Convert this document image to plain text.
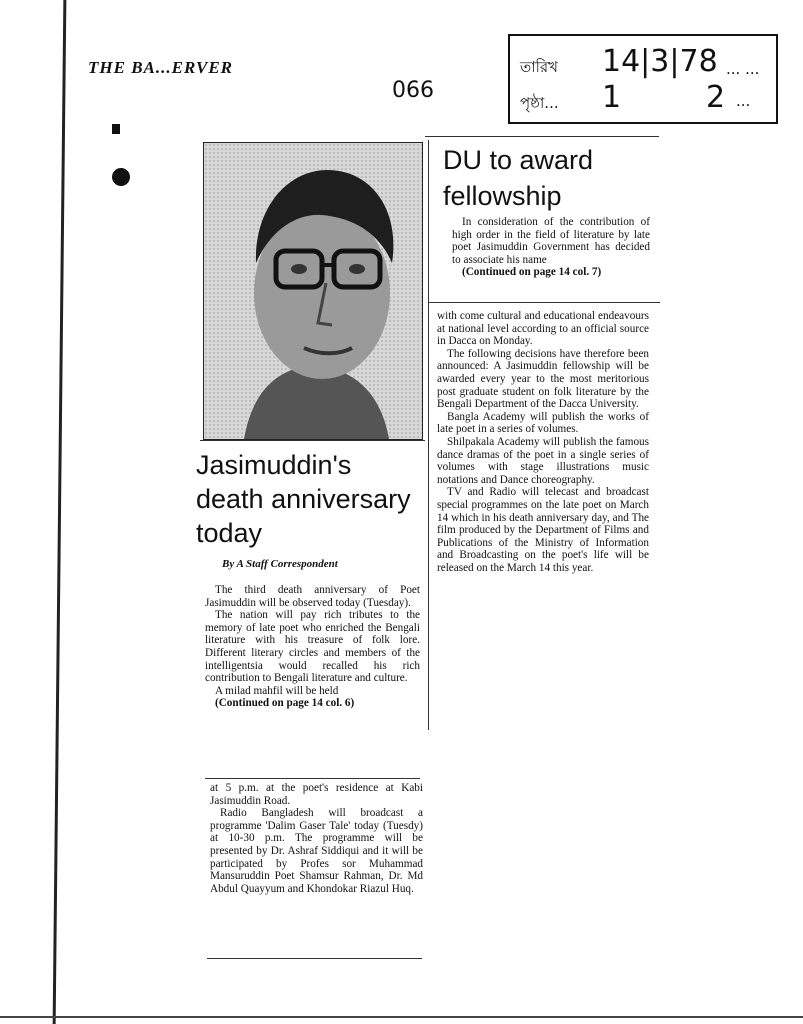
THE BA...ERVER
066
তারিখ 14|3|78 ... ...
পৃষ্ঠা... 1	2 ...
Jasimuddin's death anniversary today
By A Staff Correspondent

The third death anniversary of Poet Jasimuddin will be observed today (Tuesday).

The nation will pay rich tributes to the memory of late poet who enriched the Bengali literature with his treasure of folk lore. Different literary circles and members of the intelligentsia would recalled his rich contribution to Bengali literature and culture.

A milad mahfil will be held

(Continued on page 14 col. 6)

at 5 p.m. at the poet's residence at Kabi Jasimuddin Road.

Radio Bangladesh will broadcast a programme 'Dalim Gaser Tale' today (Tuesdy) at 10-30 p.m. The programme will be presented by Dr. Ashraf Siddiqui and it will be participated by Profes sor Muhammad Mansuruddin Poet Shamsur Rahman, Dr. Md Abdul Quayyum and Khondokar Riazul Huq.

DU to award fellowship

In consideration of the contribution of high order in the field of literature by late poet Jasimuddin Government has decided to associate his name

(Continued on page 14 col. 7)

with come cultural and educational endeavours at national level according to an official source in Dacca on Monday.

The following decisions have therefore been announced: A Jasimuddin fellowship will be awarded every year to the most meritorious post graduate student on folk literature by the Bengali Department of the Dacca University.

Bangla Academy will publish the works of late poet in a series of volumes.

Shilpakala Academy will publish the famous dance dramas of the poet in a single series of volumes with stage illustrations music notations and Dance choreography.

TV and Radio will telecast and broadcast special programmes on the late poet on March 14 which in his death anniversary day, and The film produced by the Department of Films and Publications of the Ministry of Information and Broadcasting on the poet's life will be released on the March 14 this year.
